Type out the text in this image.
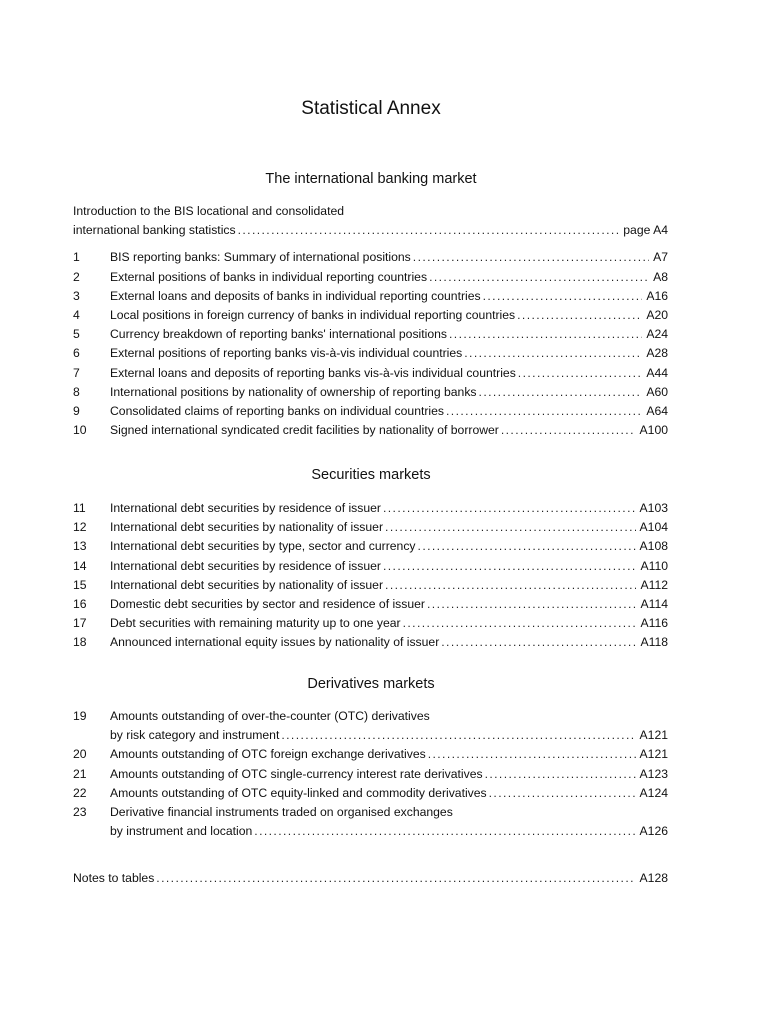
Statistical Annex
The international banking market
Introduction to the BIS locational and consolidated
international banking statistics .....	page A4
1	BIS reporting banks: Summary of international positions .....	A7
2	External positions of banks in individual reporting countries .....	A8
3	External loans and deposits of banks in individual reporting countries .....	A16
4	Local positions in foreign currency of banks in individual reporting countries .....	A20
5	Currency breakdown of reporting banks' international positions .....	A24
6	External positions of reporting banks vis-à-vis individual countries .....	A28
7	External loans and deposits of reporting banks vis-à-vis individual countries .....	A44
8	International positions by nationality of ownership of reporting banks .....	A60
9	Consolidated claims of reporting banks on individual countries .....	A64
10	Signed international syndicated credit facilities by nationality of borrower .....	A100
Securities markets
11	International debt securities by residence of issuer .....	A103
12	International debt securities by nationality of issuer .....	A104
13	International debt securities by type, sector and currency .....	A108
14	International debt securities by residence of issuer .....	A110
15	International debt securities by nationality of issuer .....	A112
16	Domestic debt securities by sector and residence of issuer .....	A114
17	Debt securities with remaining maturity up to one year .....	A116
18	Announced international equity issues by nationality of issuer .....	A118
Derivatives markets
19	Amounts outstanding of over-the-counter (OTC) derivatives
by risk category and instrument .....	A121
20	Amounts outstanding of OTC foreign exchange derivatives .....	A121
21	Amounts outstanding of OTC single-currency interest rate derivatives .....	A123
22	Amounts outstanding of OTC equity-linked and commodity derivatives .....	A124
23	Derivative financial instruments traded on organised exchanges
by instrument and location .....	A126
Notes to tables .....	A128
